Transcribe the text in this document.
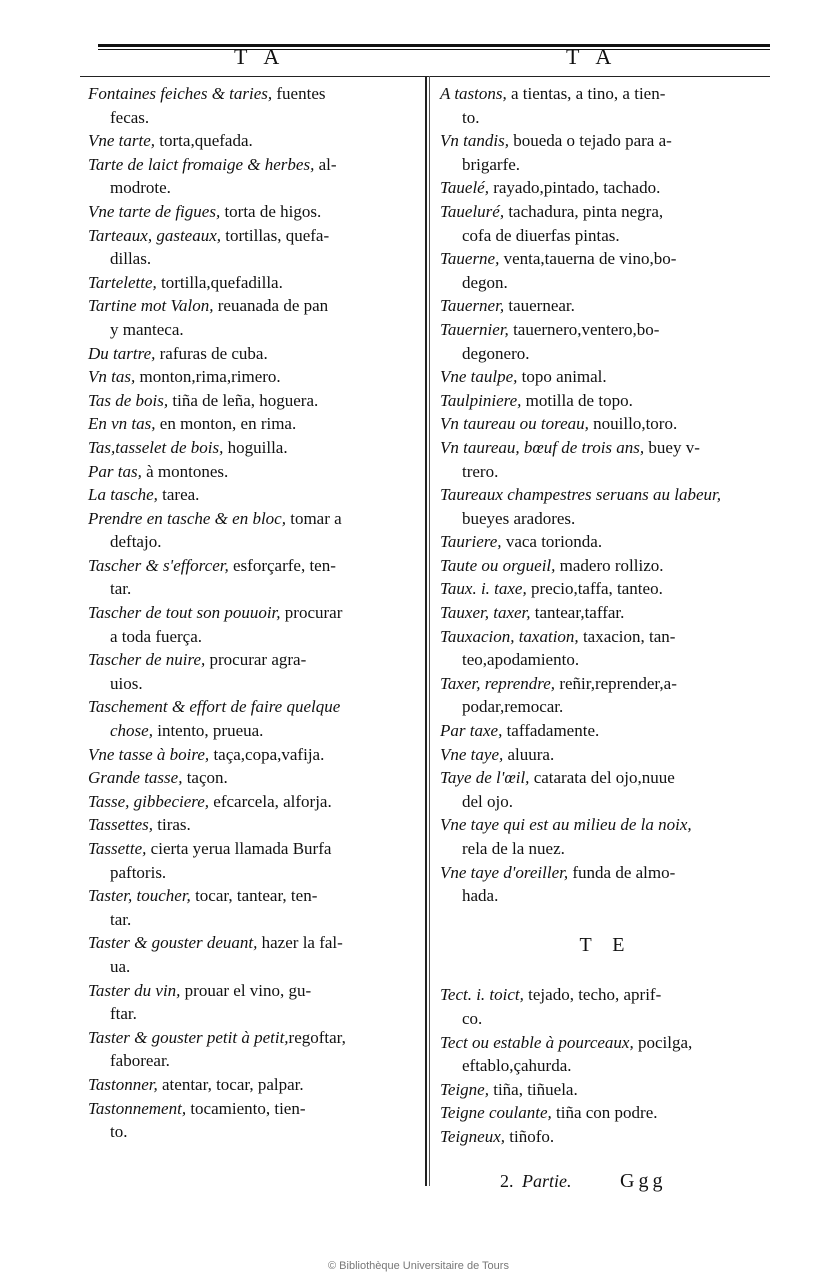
T A	T A

Fontaines feiches & taries, fuentes
fecas.

Vne tarte, torta,quefada.

Tarte de laict fromaige & herbes, al-
modrote.

Vne tarte de figues, torta de higos.

Tarteaux, gasteaux, tortillas, quefa-
dillas.

Tartelette, tortilla,quefadilla.

Tartine mot Valon, reuanada de pan
y manteca.

Du tartre, rafuras de cuba.

Vn tas, monton,rima,rimero.

Tas de bois, tiña de leña, hoguera.

En vn tas, en monton, en rima.

Tas,tasselet de bois, hoguilla.

Par tas, à montones.

La tasche, tarea.

Prendre en tasche & en bloc, tomar a
deftajo.

Tascher & s'efforcer, esforçarfe, ten-
tar.

Tascher de tout son pouuoir, procurar
a toda fuerça.

Tascher de nuire, procurar agra-
uios.

Taschement & effort de faire quelque
chose, intento, prueua.

Vne tasse à boire, taça,copa,vafija.

Grande tasse, taçon.

Tasse, gibbeciere, efcarcela, alforja.

Tassettes, tiras.

Tassette, cierta yerua llamada Burfa
paftoris.

Taster, toucher, tocar, tantear, ten-
tar.

Taster & gouster deuant, hazer la fal-
ua.

Taster du vin, prouar el vino, gu-
ftar.

Taster & gouster petit à petit,regoftar,
faborear.

Tastonner, atentar, tocar, palpar.

Tastonnement, tocamiento, tien-
to.

A tastons, a tientas, a tino, a tien-
to.

Vn tandis, boueda o tejado para a-
brigarfe.

Tauelé, rayado,pintado, tachado.

Taueluré, tachadura, pinta negra,
cofa de diuerfas pintas.

Tauerne, venta,tauerna de vino,bo-
degon.

Tauerner, tauernear.

Tauernier, tauernero,ventero,bo-
degonero.

Vne taulpe, topo animal.

Taulpiniere, motilla de topo.

Vn taureau ou toreau, nouillo,toro.

Vn taureau, bœuf de trois ans, buey v-
trero.

Taureaux champestres seruans au labeur,
bueyes aradores.

Tauriere, vaca torionda.

Taute ou orgueil, madero rollizo.

Taux. i. taxe, precio,taffa, tanteo.

Tauxer, taxer, tantear,taffar.

Tauxacion, taxation, taxacion, tan-
teo,apodamiento.

Taxer, reprendre, reñir,reprender,a-
podar,remocar.

Par taxe, taffadamente.

Vne taye, aluura.

Taye de l'œil, catarata del ojo,nuue
del ojo.

Vne taye qui est au milieu de la noix,
rela de la nuez.

Vne taye d'oreiller, funda de almo-
hada.

T E

Tect. i. toict, tejado, techo, aprif-
co.

Tect ou estable à pourceaux, pocilga,
eftablo,çahurda.

Teigne, tiña, tiñuela.

Teigne coulante, tiña con podre.

Teigneux, tiñofo.

2. Partie. Ggg
© Bibliothèque Universitaire de Tours
